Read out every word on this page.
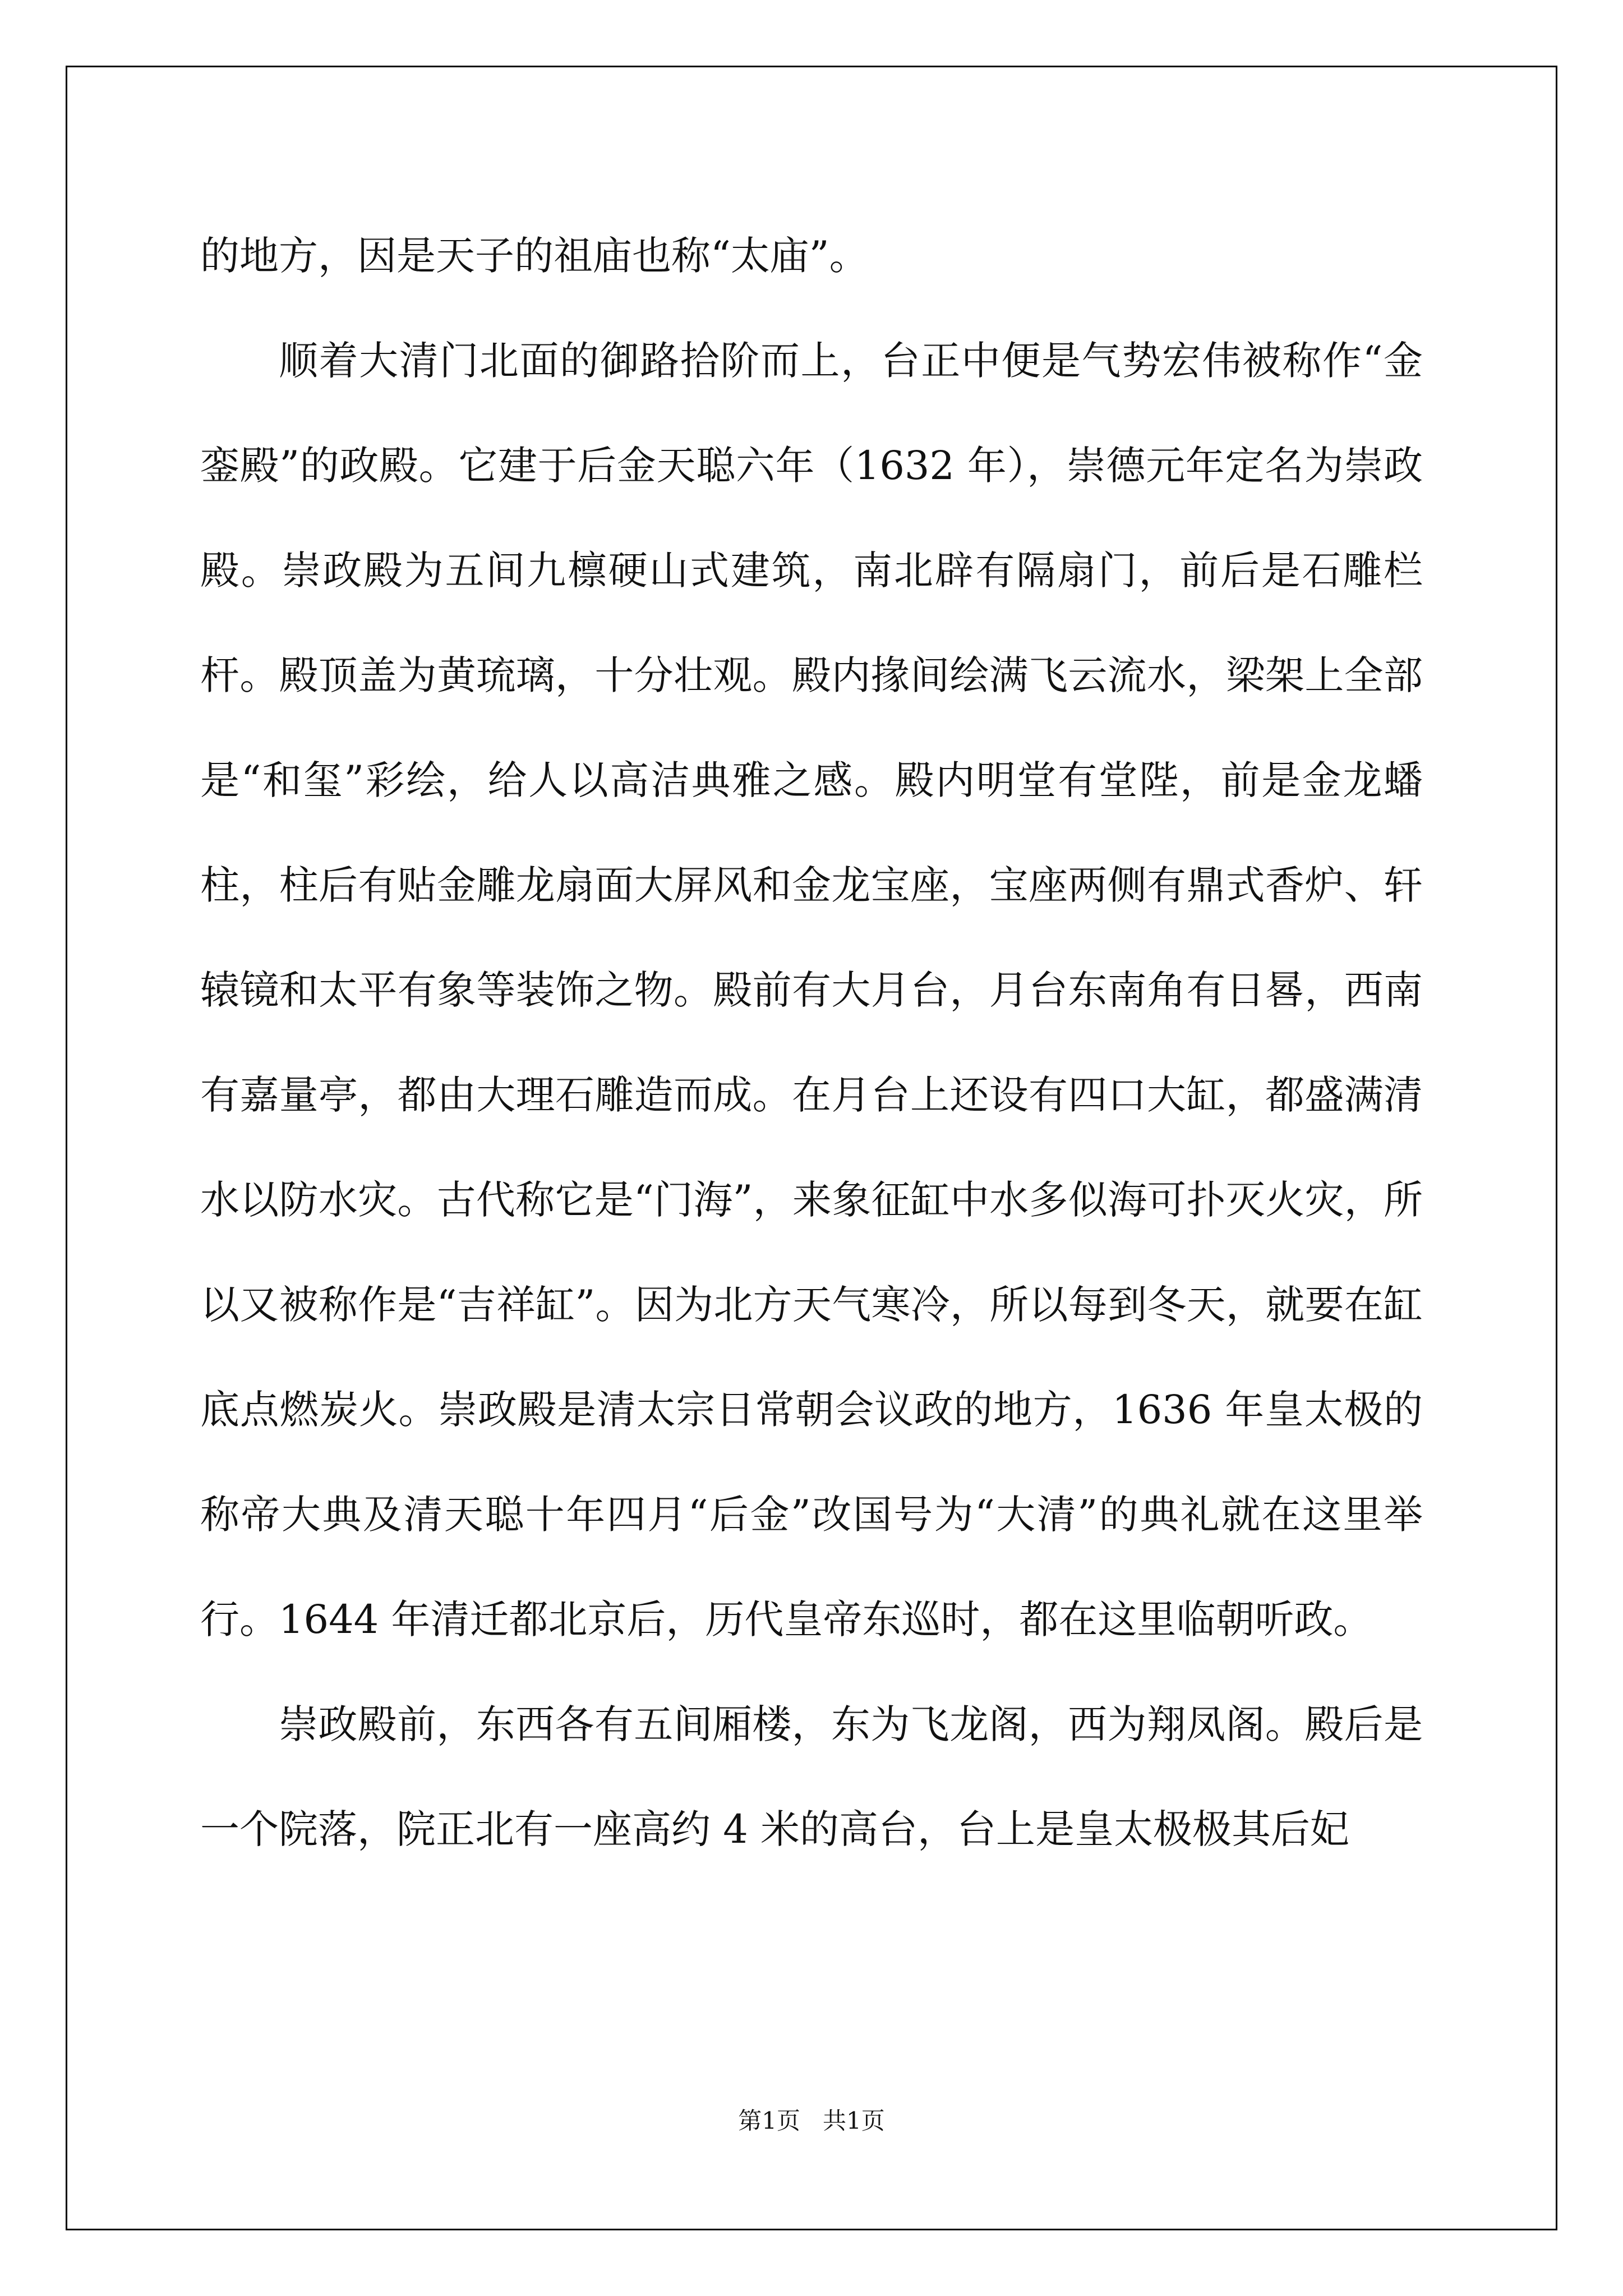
的地方，因是天子的祖庙也称“太庙”。

顺着大清门北面的御路拾阶而上，台正中便是气势宏伟被称作“金銮殿”的政殿。它建于后金天聪六年（1632 年），崇德元年定名为崇政殿。崇政殿为五间九檩硬山式建筑，南北辟有隔扇门，前后是石雕栏杆。殿顶盖为黄琉璃，十分壮观。殿内掾间绘满飞云流水，梁架上全部是“和玺”彩绘，给人以高洁典雅之感。殿内明堂有堂陛，前是金龙蟠柱，柱后有贴金雕龙扇面大屏风和金龙宝座，宝座两侧有鼎式香炉、轩辕镜和太平有象等装饰之物。殿前有大月台，月台东南角有日晷，西南有嘉量亭，都由大理石雕造而成。在月台上还设有四口大缸，都盛满清水以防水灾。古代称它是“门海”，来象征缸中水多似海可扑灭火灾，所以又被称作是“吉祥缸”。因为北方天气寒冷，所以每到冬天，就要在缸底点燃炭火。崇政殿是清太宗日常朝会议政的地方，1636 年皇太极的称帝大典及清天聪十年四月“后金”改国号为“大清”的典礼就在这里举行。1644 年清迁都北京后，历代皇帝东巡时，都在这里临朝听政。

崇政殿前，东西各有五间厢楼，东为飞龙阁，西为翔凤阁。殿后是一个院落，院正北有一座高约 4 米的高台，台上是皇太极极其后妃

第1页   共1页
